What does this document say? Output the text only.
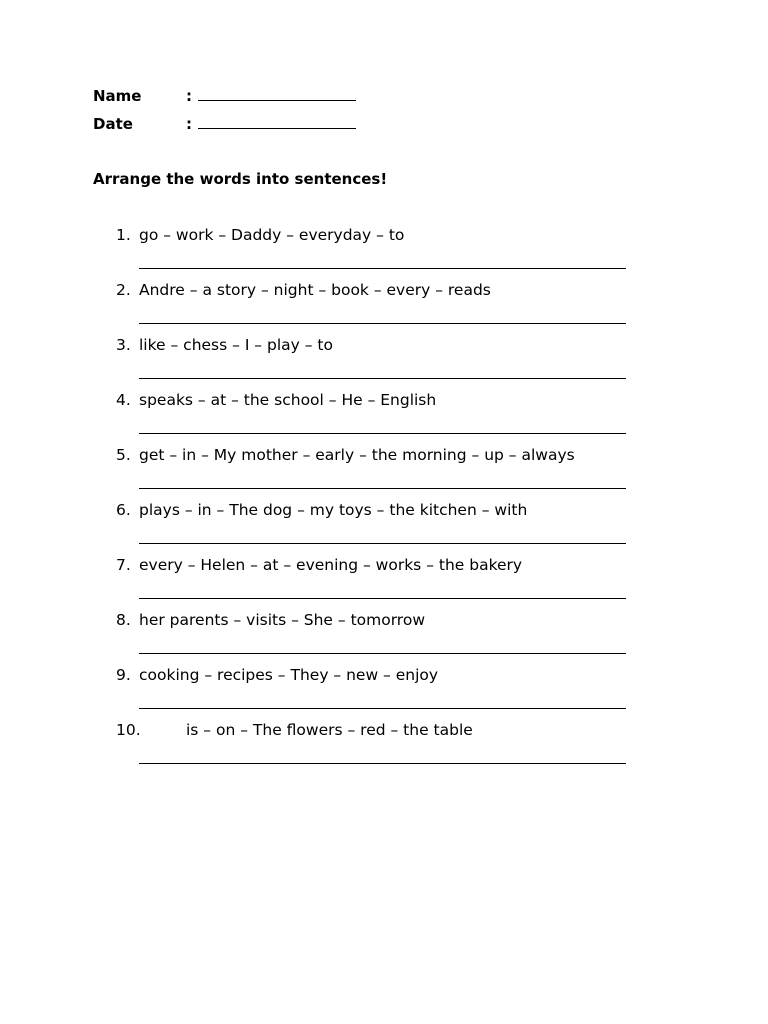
Name	:
Date	:
Arrange the words into sentences!
1. go – work – Daddy – everyday – to
2. Andre – a story – night – book – every – reads
3. like – chess – I – play – to
4. speaks – at – the school – He – English
5. get – in – My mother – early – the morning – up – always
6. plays – in – The dog – my toys – the kitchen – with
7. every – Helen – at – evening – works – the bakery
8. her parents – visits – She – tomorrow
9. cooking – recipes – They – new – enjoy
10.	is – on – The flowers – red – the table
